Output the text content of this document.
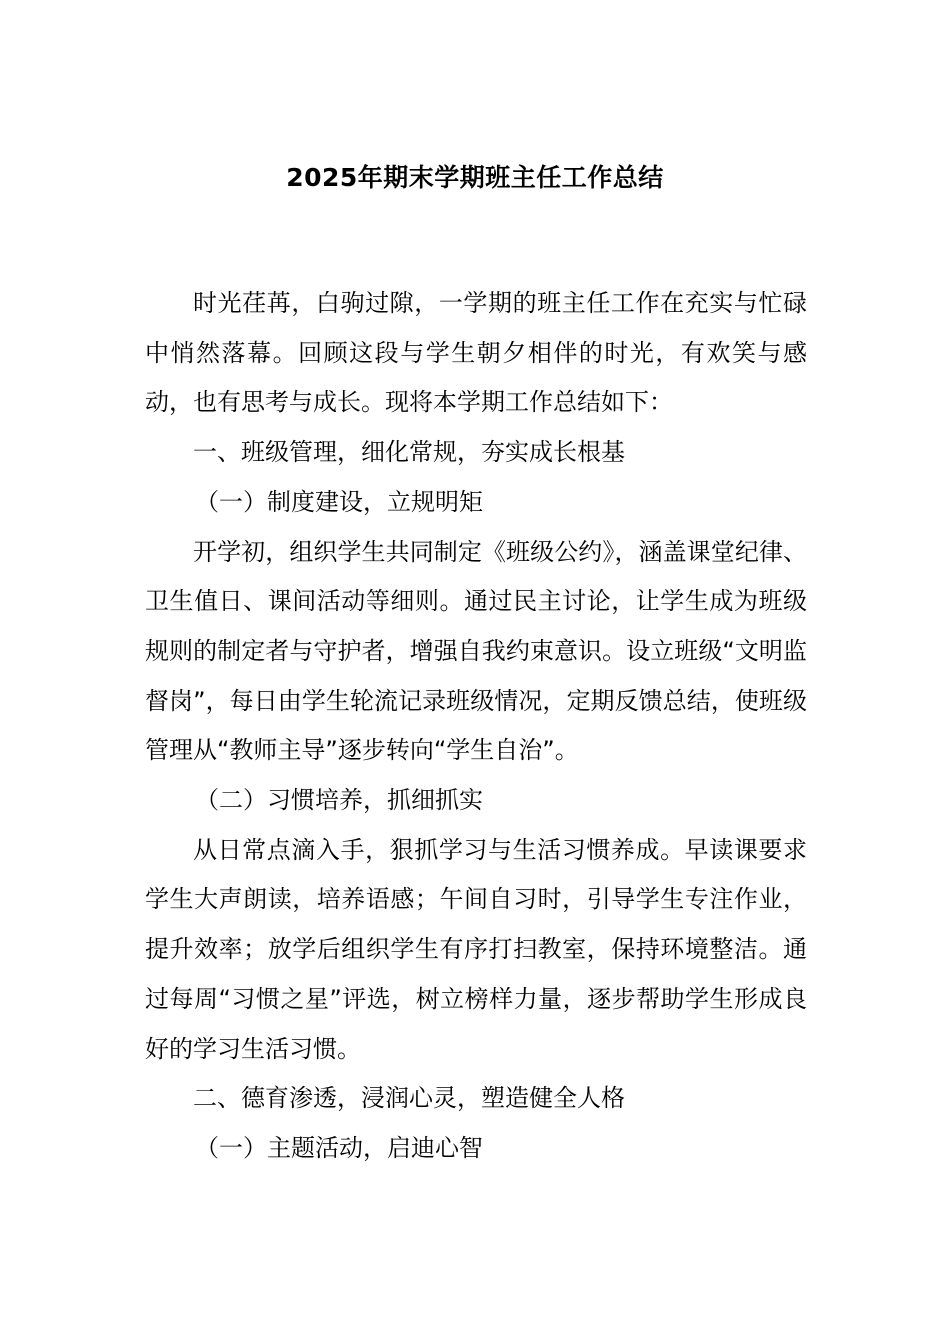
2025年期末学期班主任工作总结

时光荏苒，白驹过隙，一学期的班主任工作在充实与忙碌中悄然落幕。回顾这段与学生朝夕相伴的时光，有欢笑与感动，也有思考与成长。现将本学期工作总结如下：

一、班级管理，细化常规，夯实成长根基

（一）制度建设，立规明矩

开学初，组织学生共同制定《班级公约》，涵盖课堂纪律、卫生值日、课间活动等细则。通过民主讨论，让学生成为班级规则的制定者与守护者，增强自我约束意识。设立班级“文明监督岗”，每日由学生轮流记录班级情况，定期反馈总结，使班级管理从“教师主导”逐步转向“学生自治”。

（二）习惯培养，抓细抓实

从日常点滴入手，狠抓学习与生活习惯养成。早读课要求学生大声朗读，培养语感；午间自习时，引导学生专注作业，提升效率；放学后组织学生有序打扫教室，保持环境整洁。通过每周“习惯之星”评选，树立榜样力量，逐步帮助学生形成良好的学习生活习惯。

二、德育渗透，浸润心灵，塑造健全人格

（一）主题活动，启迪心智
